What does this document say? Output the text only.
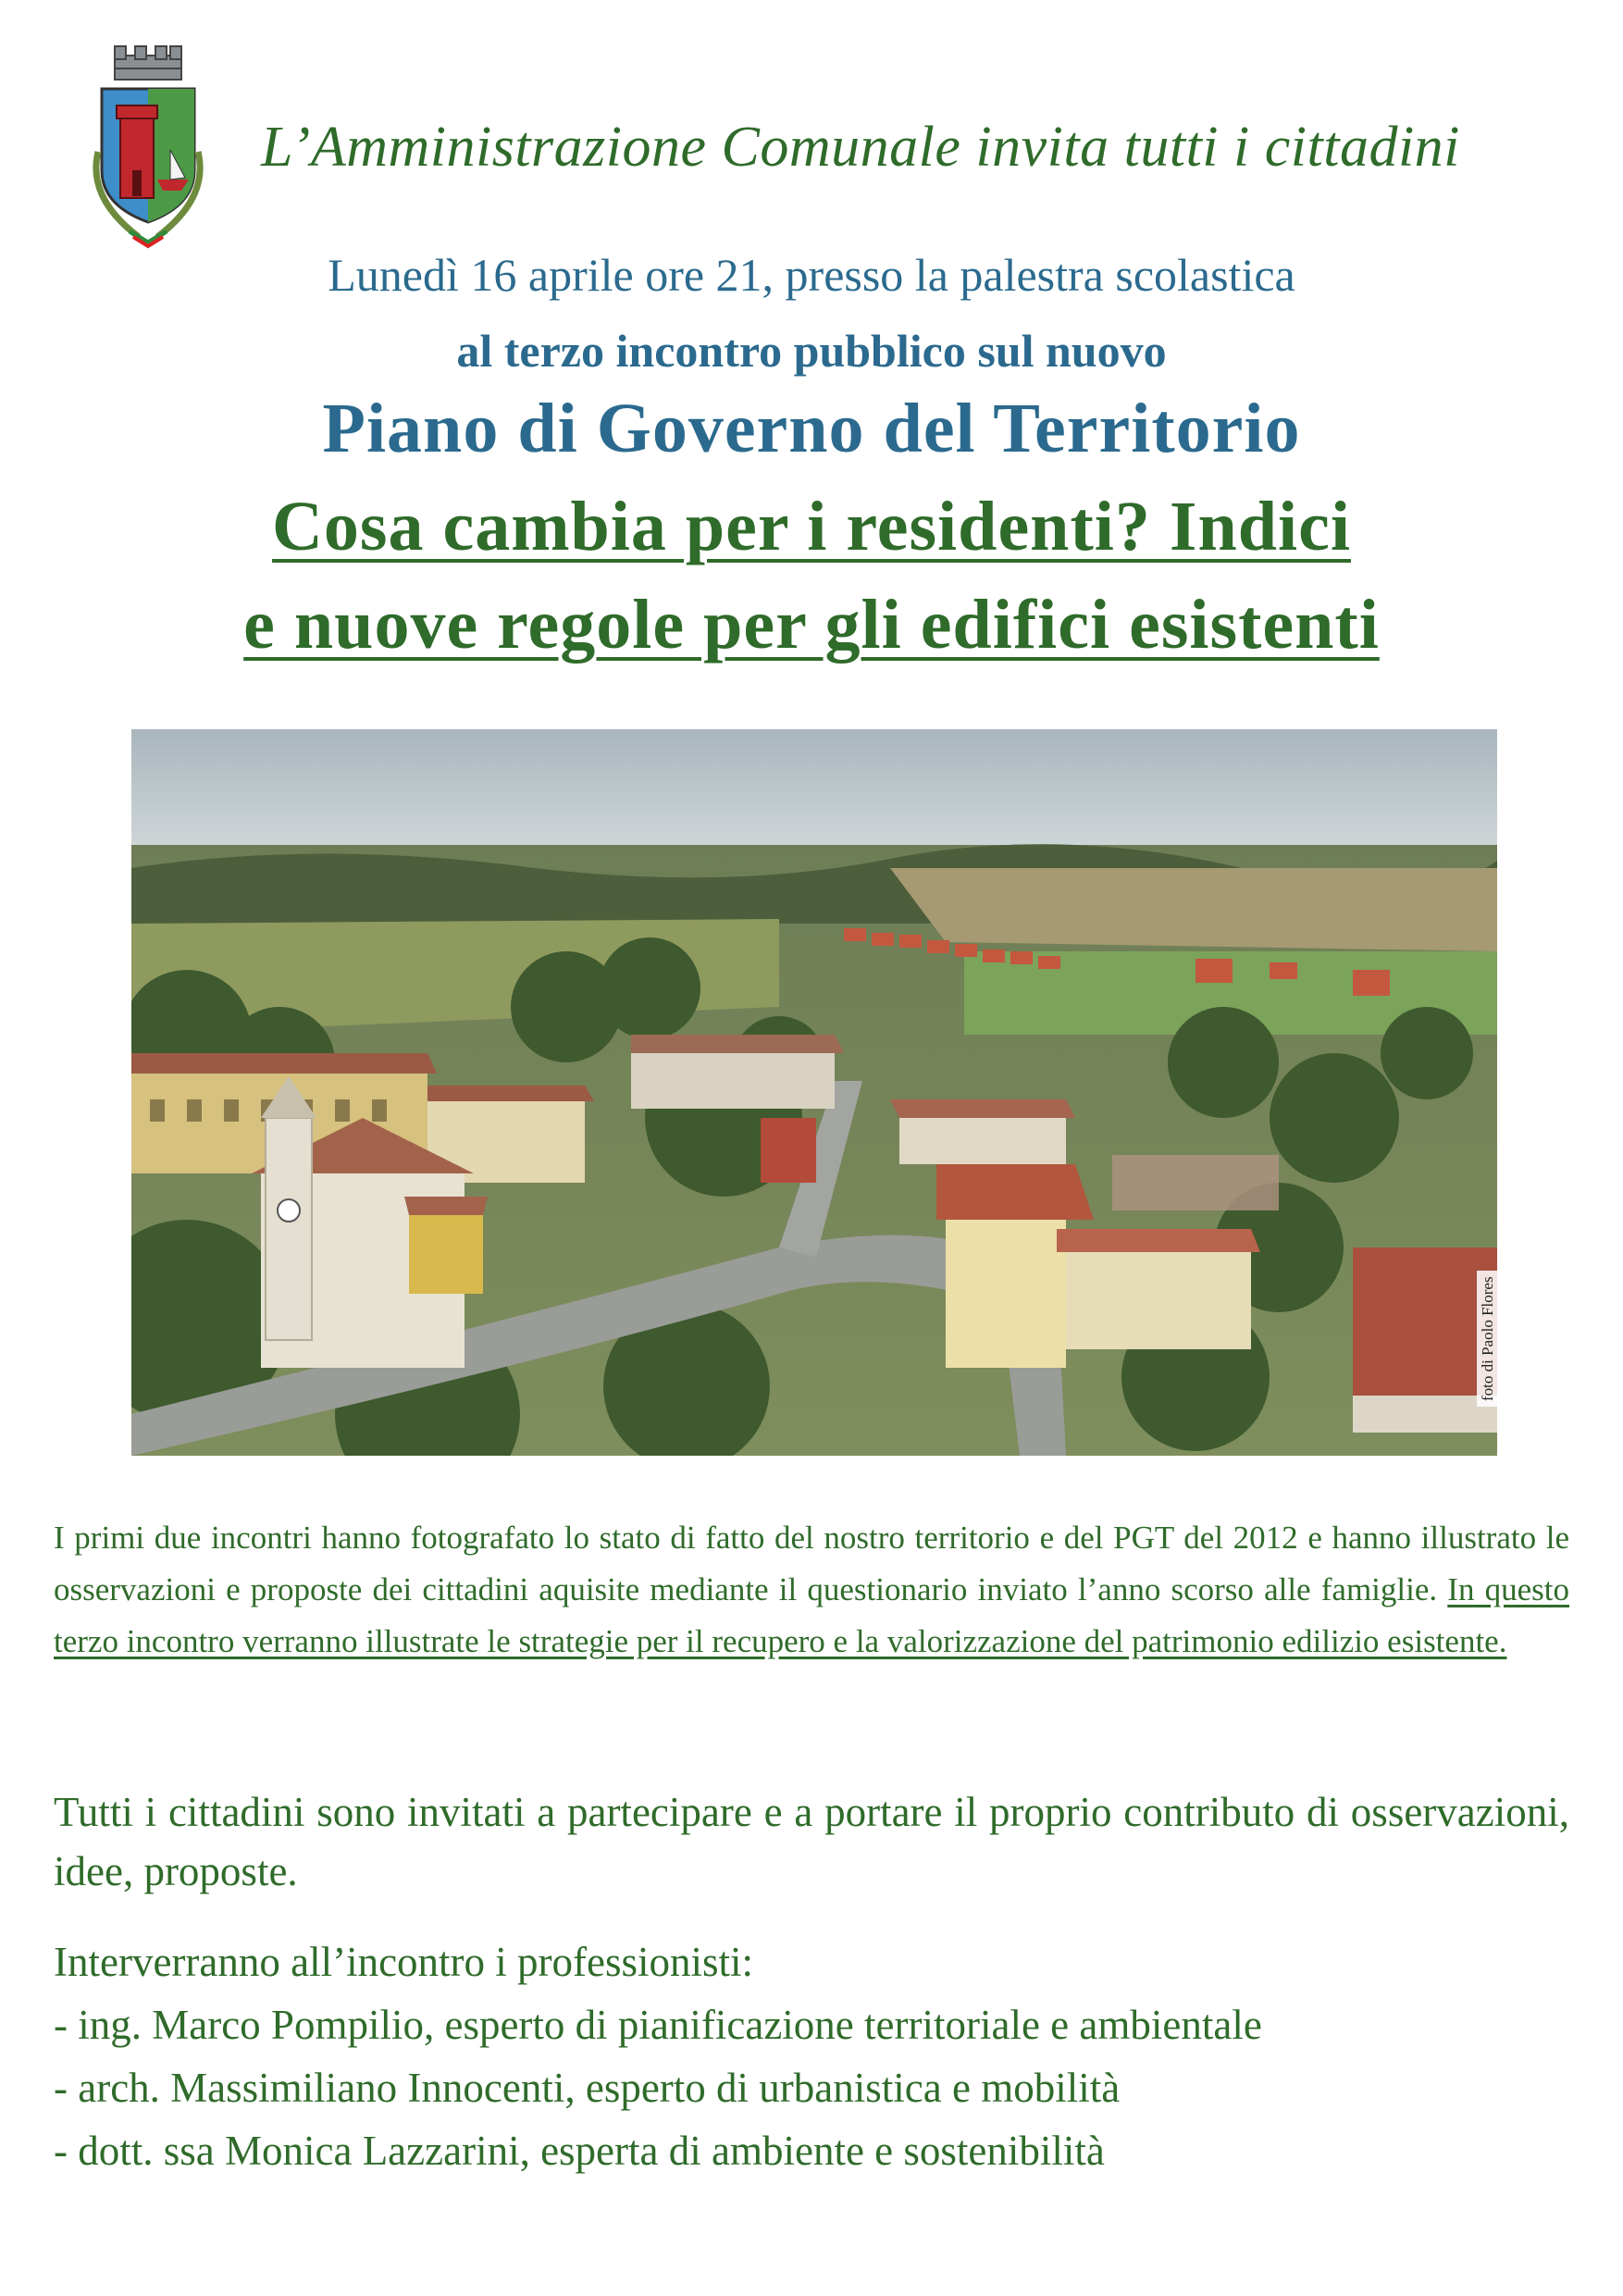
L’Amministrazione Comunale invita tutti i cittadini
Lunedì 16 aprile ore 21, presso la palestra scolastica
al terzo incontro pubblico sul nuovo
Piano di Governo del Territorio
Cosa cambia per i residenti? Indici
e nuove regole per gli edifici esistenti
foto di Paolo Flores
I primi due incontri hanno fotografato lo stato di fatto del nostro territorio e del PGT del 2012 e hanno illustrato le osservazioni e proposte dei cittadini aquisite mediante il questionario inviato l’anno scorso alle famiglie. In questo terzo incontro verranno illustrate le strategie per il recupero e la valorizzazione del patrimonio edilizio esistente.
Tutti i cittadini sono invitati a partecipare e a portare il proprio contributo di osservazioni, idee, proposte.
Interverranno all’incontro i professionisti:
- ing. Marco Pompilio, esperto di pianificazione territoriale e ambientale
- arch. Massimiliano Innocenti, esperto di urbanistica e mobilità
- dott. ssa Monica Lazzarini, esperta di ambiente e sostenibilità
